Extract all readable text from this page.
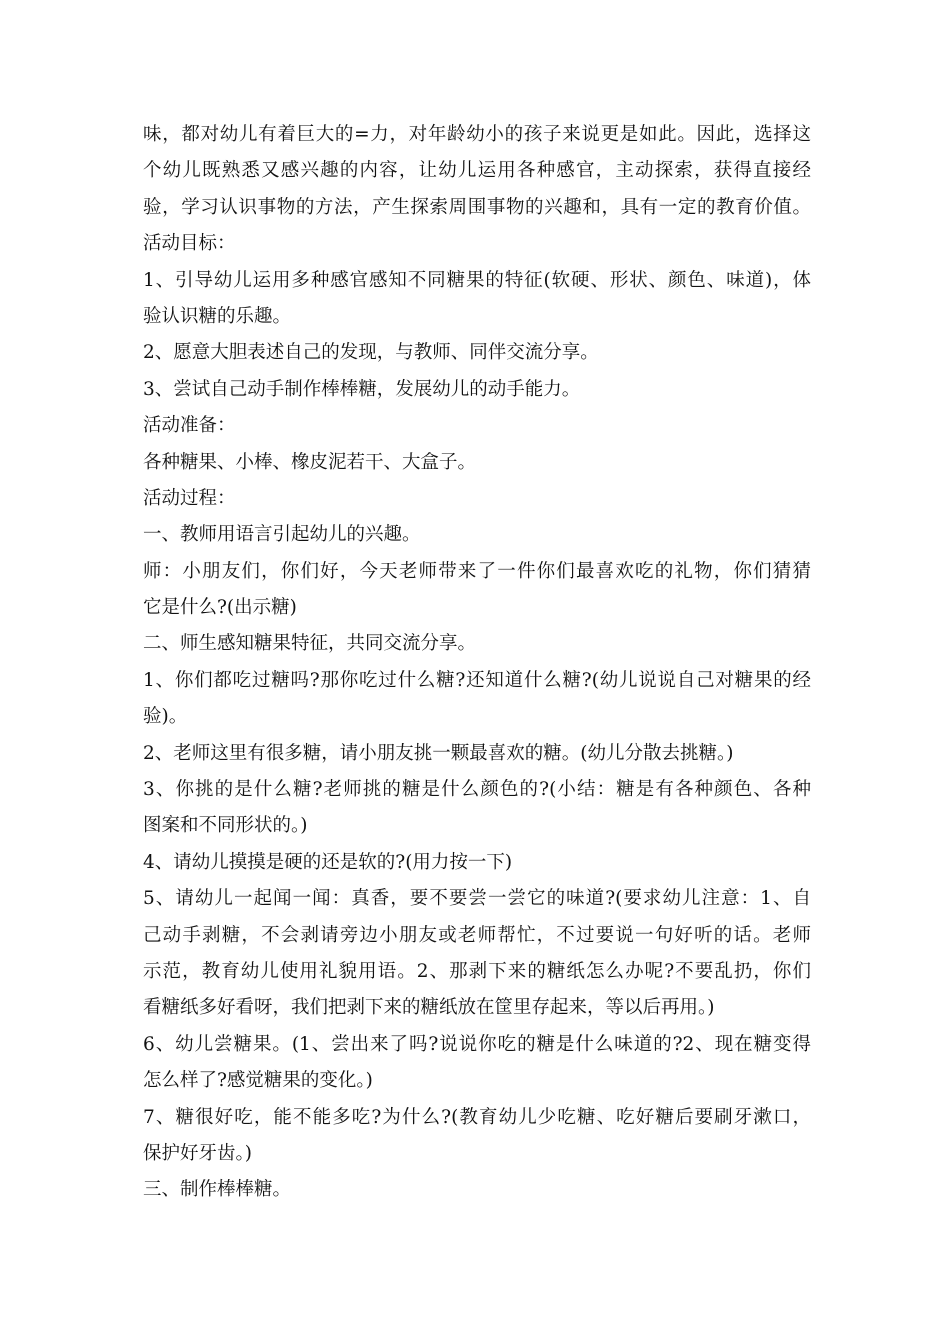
味，都对幼儿有着巨大的=力，对年龄幼小的孩子来说更是如此。因此，选择这
个幼儿既熟悉又感兴趣的内容，让幼儿运用各种感官，主动探索，获得直接经
验，学习认识事物的方法，产生探索周围事物的兴趣和，具有一定的教育价值。
活动目标：
1、引导幼儿运用多种感官感知不同糖果的特征(软硬、形状、颜色、味道)，体
验认识糖的乐趣。
2、愿意大胆表述自己的发现，与教师、同伴交流分享。
3、尝试自己动手制作棒棒糖，发展幼儿的动手能力。
活动准备：
各种糖果、小棒、橡皮泥若干、大盒子。
活动过程：
一、教师用语言引起幼儿的兴趣。
师：小朋友们，你们好，今天老师带来了一件你们最喜欢吃的礼物，你们猜猜
它是什么?(出示糖)
二、师生感知糖果特征，共同交流分享。
1、你们都吃过糖吗?那你吃过什么糖?还知道什么糖?(幼儿说说自己对糖果的经
验)。
2、老师这里有很多糖，请小朋友挑一颗最喜欢的糖。(幼儿分散去挑糖。)
3、你挑的是什么糖?老师挑的糖是什么颜色的?(小结：糖是有各种颜色、各种
图案和不同形状的。)
4、请幼儿摸摸是硬的还是软的?(用力按一下)
5、请幼儿一起闻一闻：真香，要不要尝一尝它的味道?(要求幼儿注意：1、自
己动手剥糖，不会剥请旁边小朋友或老师帮忙，不过要说一句好听的话。老师
示范，教育幼儿使用礼貌用语。2、那剥下来的糖纸怎么办呢?不要乱扔，你们
看糖纸多好看呀，我们把剥下来的糖纸放在筐里存起来，等以后再用。)
6、幼儿尝糖果。(1、尝出来了吗?说说你吃的糖是什么味道的?2、现在糖变得
怎么样了?感觉糖果的变化。)
7、糖很好吃，能不能多吃?为什么?(教育幼儿少吃糖、吃好糖后要刷牙漱口，
保护好牙齿。)
三、制作棒棒糖。
